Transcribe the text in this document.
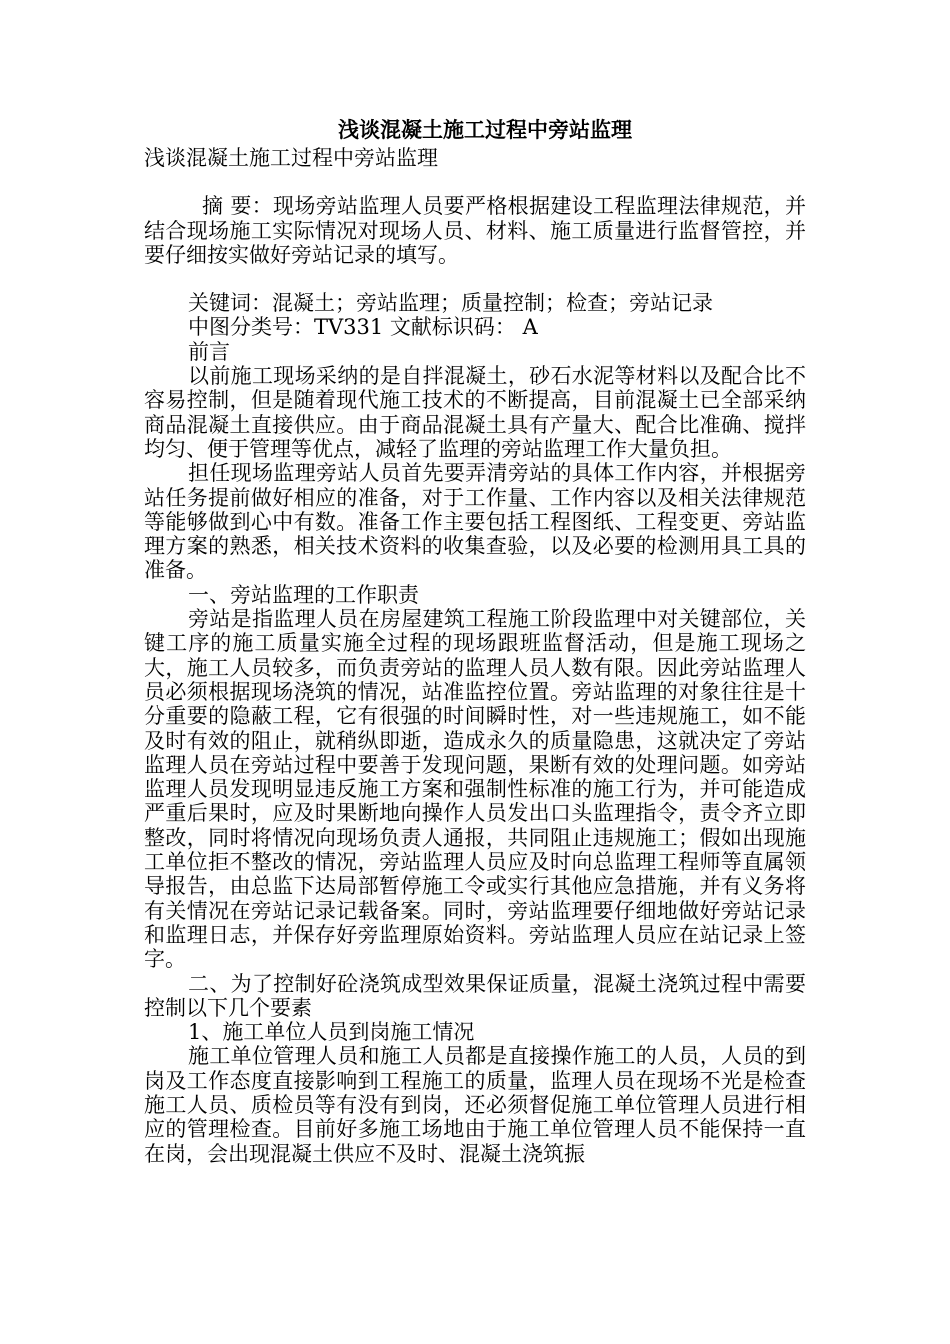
浅谈混凝土施工过程中旁站监理
浅谈混凝土施工过程中旁站监理
摘 要：现场旁站监理人员要严格根据建设工程监理法律规范，并结合现场施工实际情况对现场人员、材料、施工质量进行监督管控，并要仔细按实做好旁站记录的填写。
关键词：混凝土；旁站监理；质量控制；检查；旁站记录
中图分类号：TV331 文献标识码： A
前言
以前施工现场采纳的是自拌混凝土，砂石水泥等材料以及配合比不容易控制，但是随着现代施工技术的不断提高，目前混凝土已全部采纳商品混凝土直接供应。由于商品混凝土具有产量大、配合比准确、搅拌均匀、便于管理等优点，减轻了监理的旁站监理工作大量负担。
担任现场监理旁站人员首先要弄清旁站的具体工作内容，并根据旁站任务提前做好相应的准备，对于工作量、工作内容以及相关法律规范等能够做到心中有数。准备工作主要包括工程图纸、工程变更、旁站监理方案的熟悉，相关技术资料的收集查验，以及必要的检测用具工具的准备。
一、旁站监理的工作职责
旁站是指监理人员在房屋建筑工程施工阶段监理中对关键部位，关键工序的施工质量实施全过程的现场跟班监督活动，但是施工现场之大，施工人员较多，而负责旁站的监理人员人数有限。因此旁站监理人员必须根据现场浇筑的情况，站准监控位置。旁站监理的对象往往是十分重要的隐蔽工程，它有很强的时间瞬时性，对一些违规施工，如不能及时有效的阻止，就稍纵即逝，造成永久的质量隐患，这就决定了旁站监理人员在旁站过程中要善于发现问题，果断有效的处理问题。如旁站监理人员发现明显违反施工方案和强制性标准的施工行为，并可能造成严重后果时，应及时果断地向操作人员发出口头监理指令，责令齐立即整改，同时将情况向现场负责人通报，共同阻止违规施工；假如出现施工单位拒不整改的情况，旁站监理人员应及时向总监理工程师等直属领导报告，由总监下达局部暂停施工令或实行其他应急措施，并有义务将有关情况在旁站记录记载备案。同时，旁站监理要仔细地做好旁站记录和监理日志，并保存好旁监理原始资料。旁站监理人员应在站记录上签字。
二、为了控制好砼浇筑成型效果保证质量，混凝土浇筑过程中需要控制以下几个要素
1、施工单位人员到岗施工情况
施工单位管理人员和施工人员都是直接操作施工的人员，人员的到岗及工作态度直接影响到工程施工的质量，监理人员在现场不光是检查施工人员、质检员等有没有到岗，还必须督促施工单位管理人员进行相应的管理检查。目前好多施工场地由于施工单位管理人员不能保持一直在岗，会出现混凝土供应不及时、混凝土浇筑振
